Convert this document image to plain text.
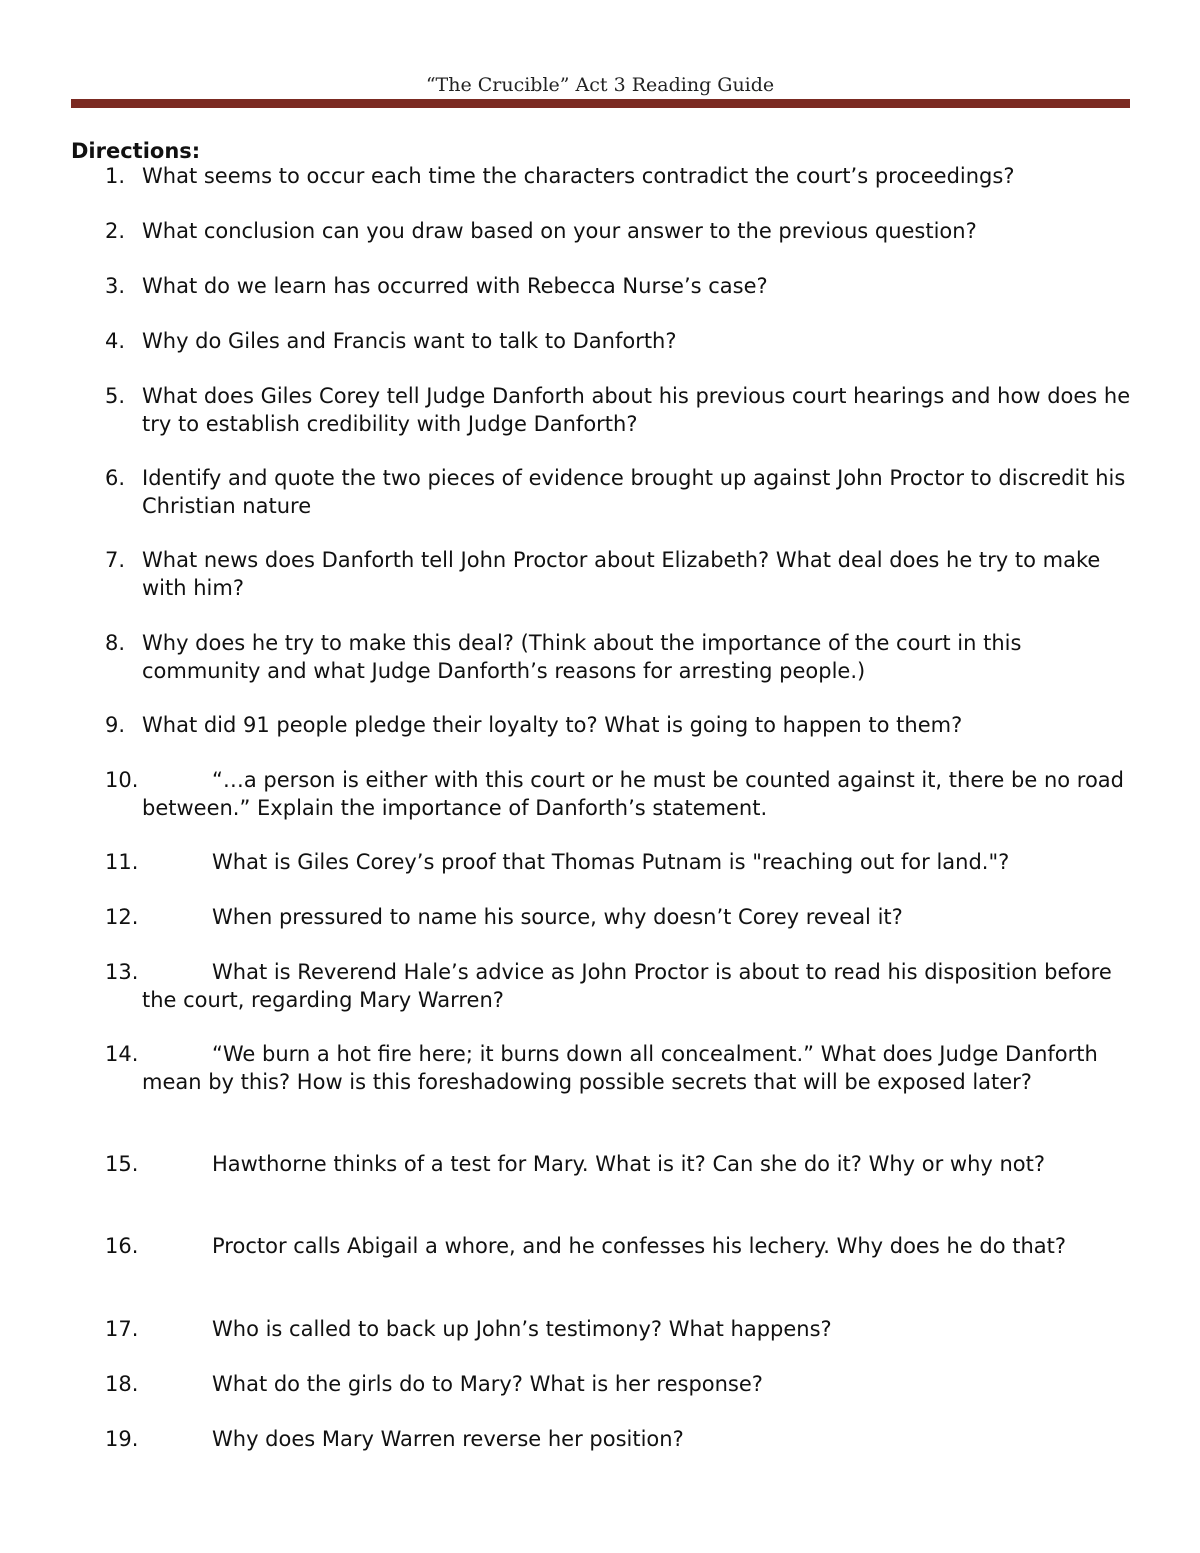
“The Crucible” Act 3 Reading Guide
Directions:
1. What seems to occur each time the characters contradict the court’s proceedings?
2. What conclusion can you draw based on your answer to the previous question?
3. What do we learn has occurred with Rebecca Nurse’s case?
4. Why do Giles and Francis want to talk to Danforth?
5. What does Giles Corey tell Judge Danforth about his previous court hearings and how does he try to establish credibility with Judge Danforth?
6. Identify and quote the two pieces of evidence brought up against John Proctor to discredit his Christian nature
7. What news does Danforth tell John Proctor about Elizabeth? What deal does he try to make with him?
8. Why does he try to make this deal? (Think about the importance of the court in this community and what Judge Danforth’s reasons for arresting people.)
9. What did 91 people pledge their loyalty to? What is going to happen to them?
10.	“…a person is either with this court or he must be counted against it, there be no road between.” Explain the importance of Danforth’s statement.
11.	What is Giles Corey’s proof that Thomas Putnam is "reaching out for land."?
12.	When pressured to name his source, why doesn’t Corey reveal it?
13.	What is Reverend Hale’s advice as John Proctor is about to read his disposition before the court, regarding Mary Warren?
14.	“We burn a hot fire here; it burns down all concealment.” What does Judge Danforth mean by this? How is this foreshadowing possible secrets that will be exposed later?
15.	Hawthorne thinks of a test for Mary. What is it? Can she do it? Why or why not?
16.	Proctor calls Abigail a whore, and he confesses his lechery. Why does he do that?
17.	Who is called to back up John’s testimony? What happens?
18.	What do the girls do to Mary? What is her response?
19.	Why does Mary Warren reverse her position?
